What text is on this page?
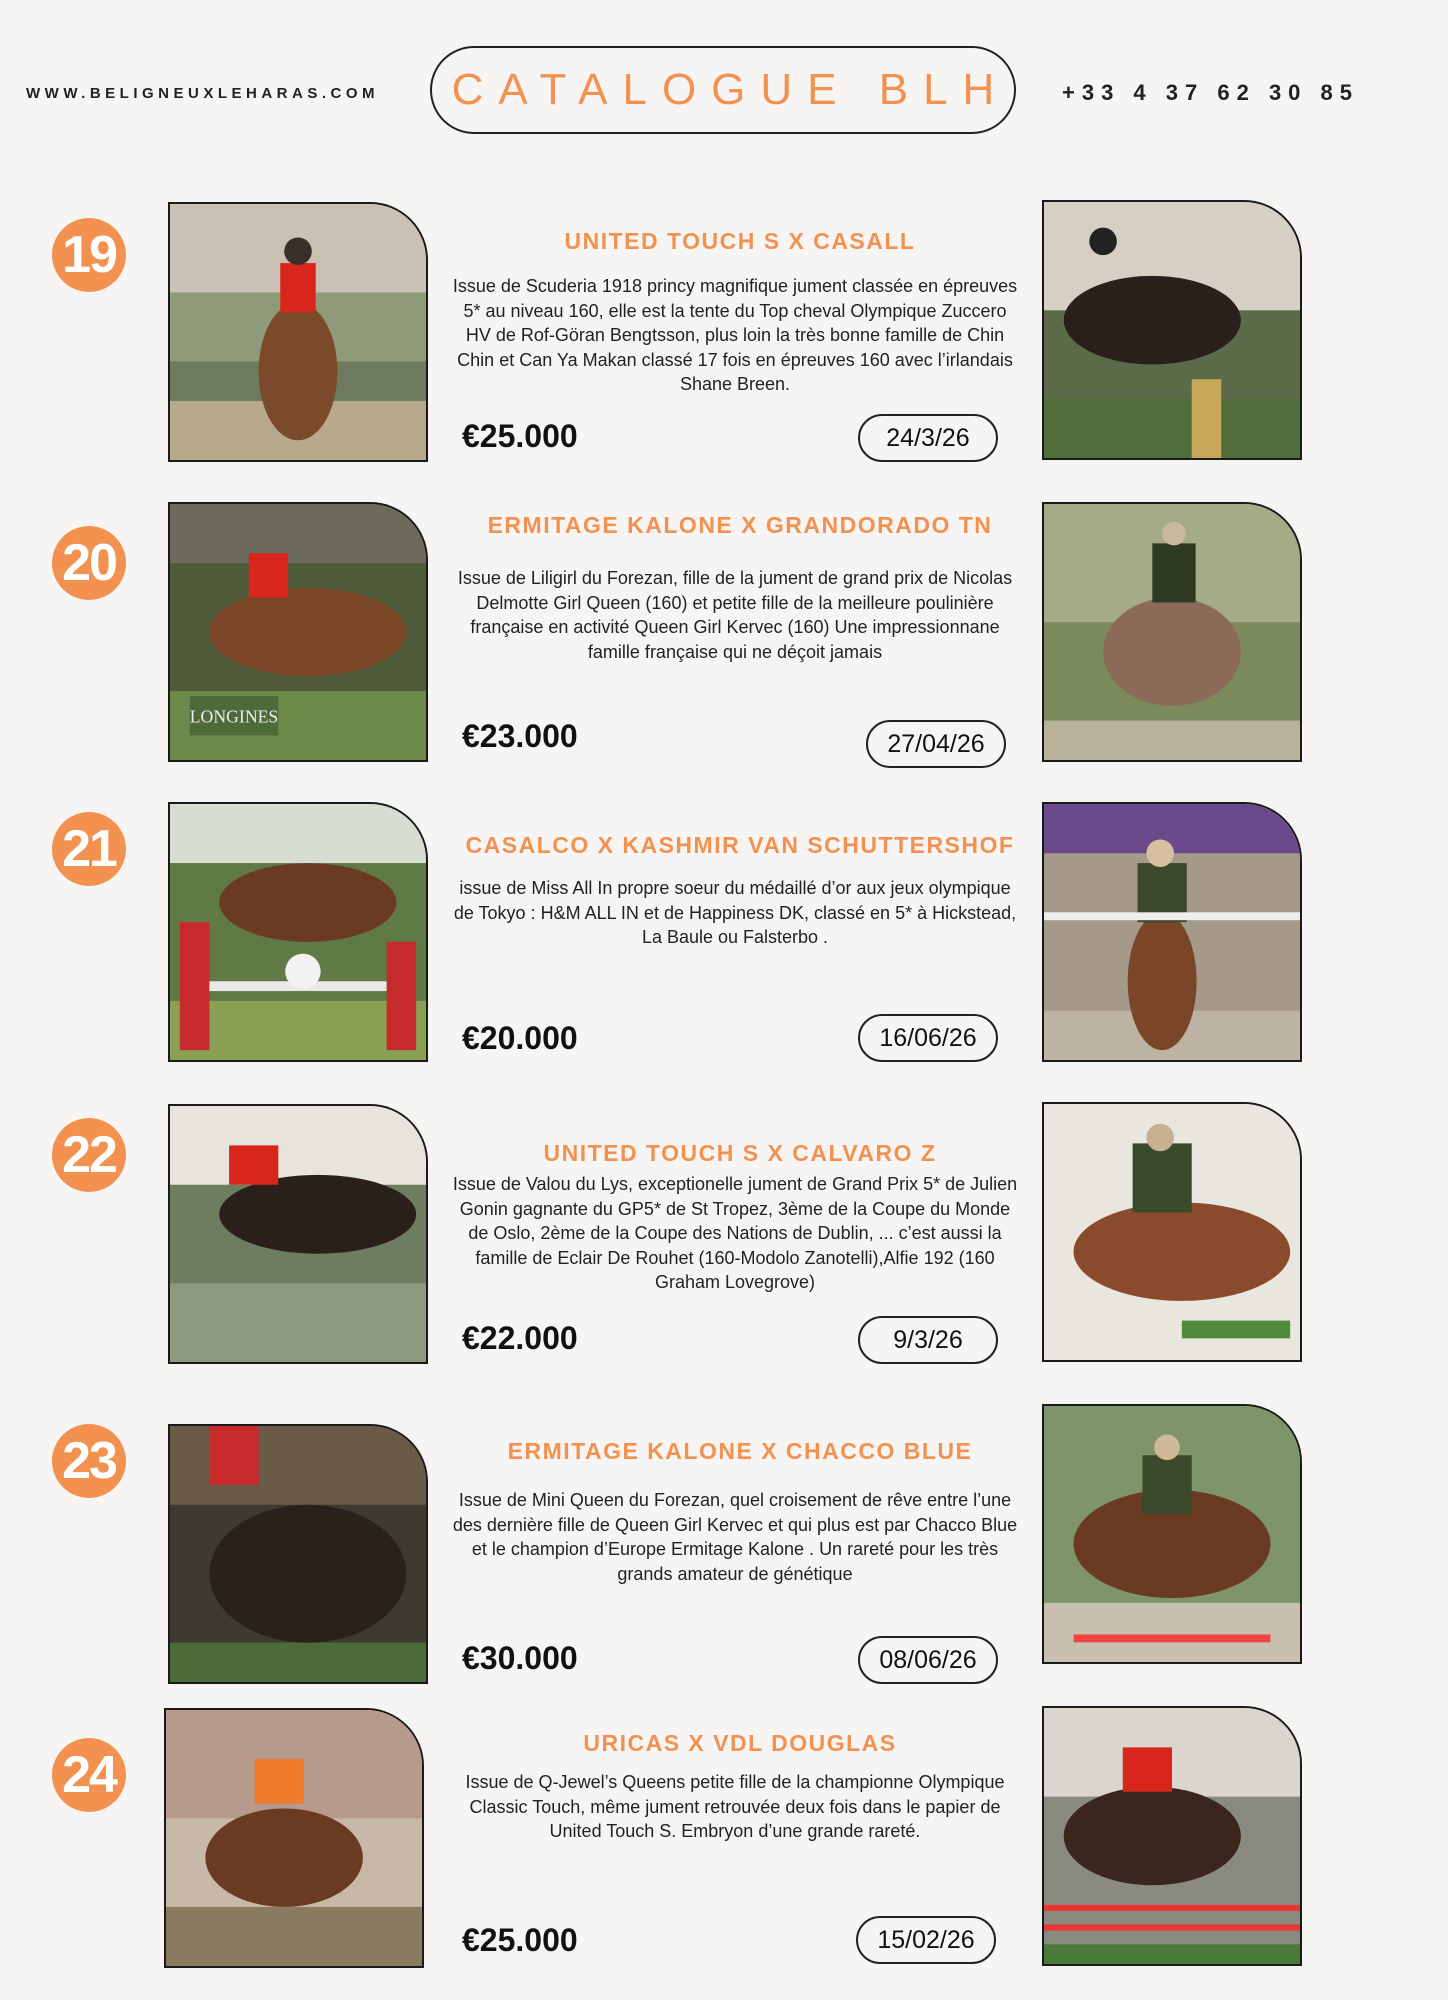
WWW.BELIGNEUXLEHARAS.COM	CATALOGUE BLH +33 4 37 62 30 85
19	UNITED TOUCH S X CASALL
Issue de Scuderia 1918 princy magnifique jument classée en épreuves 5* au niveau 160, elle est la tente du Top cheval Olympique Zuccero HV de Rof-Göran Bengtsson, plus loin la très bonne famille de Chin Chin et Can Ya Makan classé 17 fois en épreuves 160 avec l’irlandais Shane Breen.
€25.000	24/3/26
20
LONGINES
ERMITAGE KALONE X GRANDORADO TN
Issue de Liligirl du Forezan, fille de la jument de grand prix de Nicolas Delmotte Girl Queen (160) et petite fille de la meilleure poulinière française en activité Queen Girl Kervec (160) Une impressionnane famille française qui ne déçoit jamais
€23.000	27/04/26
21	CASALCO X KASHMIR VAN SCHUTTERSHOF
issue de Miss All In propre soeur du médaillé d’or aux jeux olympique de Tokyo : H&M ALL IN et de Happiness DK, classé en 5* à Hickstead, La Baule ou Falsterbo .
€20.000	16/06/26
22	UNITED TOUCH S X CALVARO Z
Issue de Valou du Lys, exceptionelle jument de Grand Prix 5* de Julien Gonin gagnante du GP5* de St Tropez, 3ème de la Coupe du Monde de Oslo, 2ème de la Coupe des Nations de Dublin, ... c’est aussi la famille de Eclair De Rouhet (160-Modolo Zanotelli),Alfie 192 (160 Graham Lovegrove)
€22.000	9/3/26
23	ERMITAGE KALONE X CHACCO BLUE
Issue de Mini Queen du Forezan, quel croisement de rêve entre l’une des dernière fille de Queen Girl Kervec et qui plus est par Chacco Blue et le champion d’Europe Ermitage Kalone . Un rareté pour les très grands amateur de génétique
€30.000	08/06/26
24
URICAS X VDL DOUGLAS
Issue de Q-Jewel’s Queens petite fille de la championne Olympique Classic Touch, même jument retrouvée deux fois dans le papier de United Touch S. Embryon d’une grande rareté.
€25.000	15/02/26
